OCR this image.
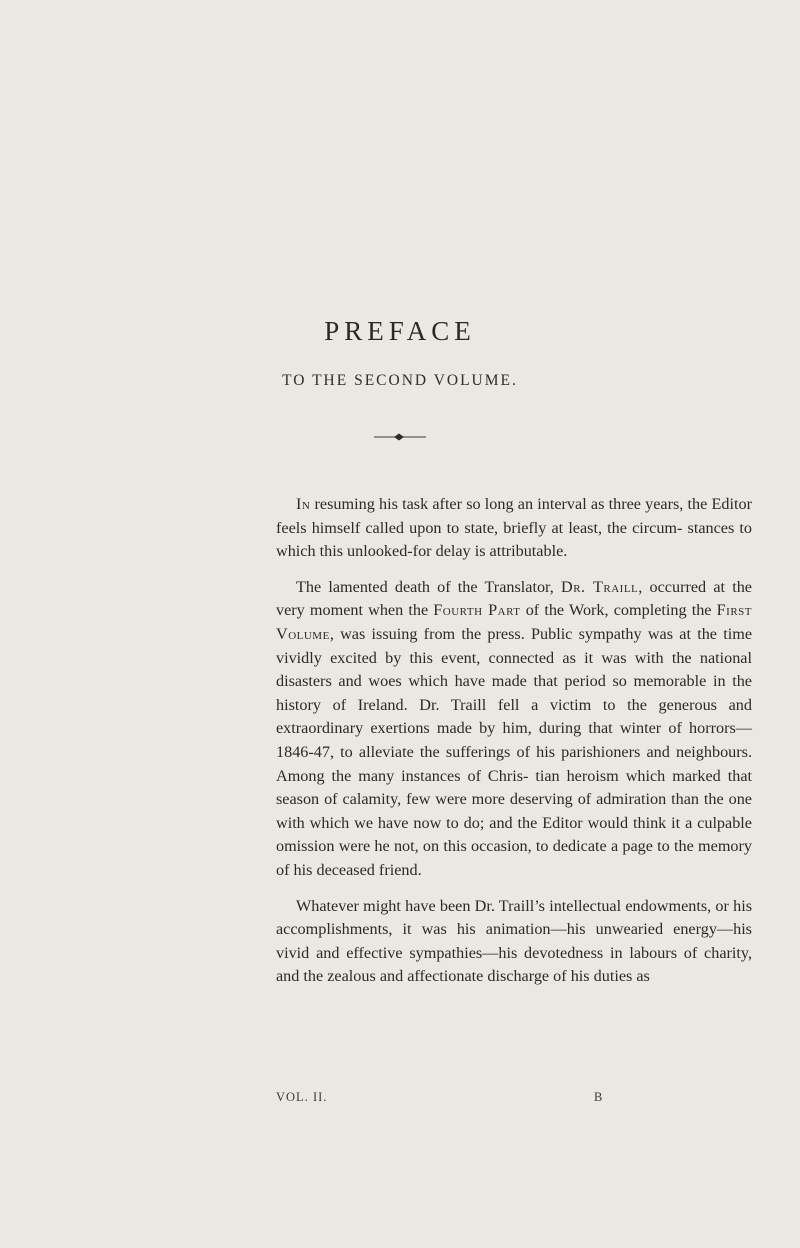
PREFACE
TO THE SECOND VOLUME.

In resuming his task after so long an interval as three years, the Editor feels himself called upon to state, briefly at least, the circum- stances to which this unlooked-for delay is attributable.

The lamented death of the Translator, Dr. Traill, occurred at the very moment when the Fourth Part of the Work, completing the First Volume, was issuing from the press. Public sympathy was at the time vividly excited by this event, connected as it was with the national disasters and woes which have made that period so memorable in the history of Ireland. Dr. Traill fell a victim to the generous and extraordinary exertions made by him, during that winter of horrors—1846-47, to alleviate the sufferings of his parishioners and neighbours. Among the many instances of Chris- tian heroism which marked that season of calamity, few were more deserving of admiration than the one with which we have now to do; and the Editor would think it a culpable omission were he not, on this occasion, to dedicate a page to the memory of his deceased friend.

Whatever might have been Dr. Traill’s intellectual endowments, or his accomplishments, it was his animation—his unwearied energy—his vivid and effective sympathies—his devotedness in labours of charity, and the zealous and affectionate discharge of his duties as

VOL. II.	B
